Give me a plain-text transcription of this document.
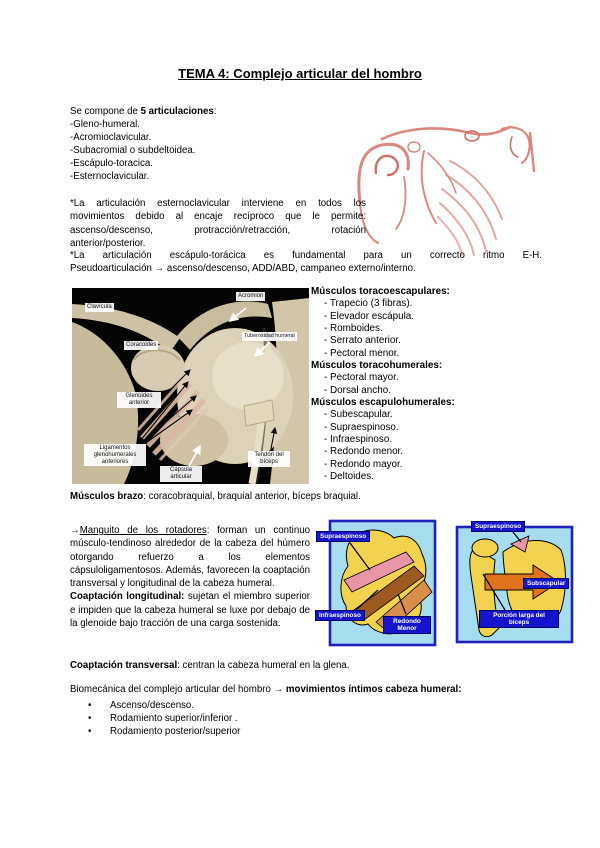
TEMA 4: Complejo articular del hombro
Se compone de 5 articulaciones:
-Gleno-humeral.
-Acromioclavicular.
-Subacromial o subdeltoidea.
-Escápulo-toracica.
-Esternoclavicular.

*La articulación esternoclavicular interviene en todos los movimientos debido al encaje recíproco que le permite: ascenso/descenso, protracción/retracción, rotación anterior/posterior.

*La articulación escápulo-torácica es fundamental para un correcto ritmo E-H.
Pseudoarticulación → ascenso/descenso, ADD/ABD, campaneo externo/interno.
Clavícula
Acromion
Tuberosidad humeral
Coracoides
Glenoides anterior
Ligamentos glenohumerales anteriores
Cápsula articular
Tendón del bíceps
Músculos toracoescapulares:
- Trapecio (3 fibras).
- Elevador escápula.
- Romboides.
- Serrato anterior.
- Pectoral menor.
Músculos toracohumerales:
- Pectoral mayor.
- Dorsal ancho.
Músculos escapulohumerales:
- Subescapular.
- Supraespinoso.
- Infraespinoso.
- Redondo menor.
- Redondo mayor.
- Deltoides.
Músculos brazo: coracobraquial, braquial anterior, bíceps braquial.

→Manguito de los rotadores: forman un continuo músculo-tendinoso alrededor de la cabeza del húmero otorgando refuerzo a los elementos cápsuloligamentosos. Además, favorecen la coaptación transversal y longitudinal de la cabeza humeral.

Coaptación longitudinal: sujetan el miembro superior e impiden que la cabeza humeral se luxe por debajo de la glenoide bajo tracción de una carga sostenida.

Supraespinoso
Infraespinoso
Redondo Menor
Supraespinoso
Subscapular
Porción larga del bíceps
Coaptación transversal: centran la cabeza humeral en la glena.
Biomecánica del complejo articular del hombro → movimientos íntimos cabeza humeral:
• Ascenso/descenso.
• Rodamiento superior/inferior .
• Rodamiento posterior/superior
